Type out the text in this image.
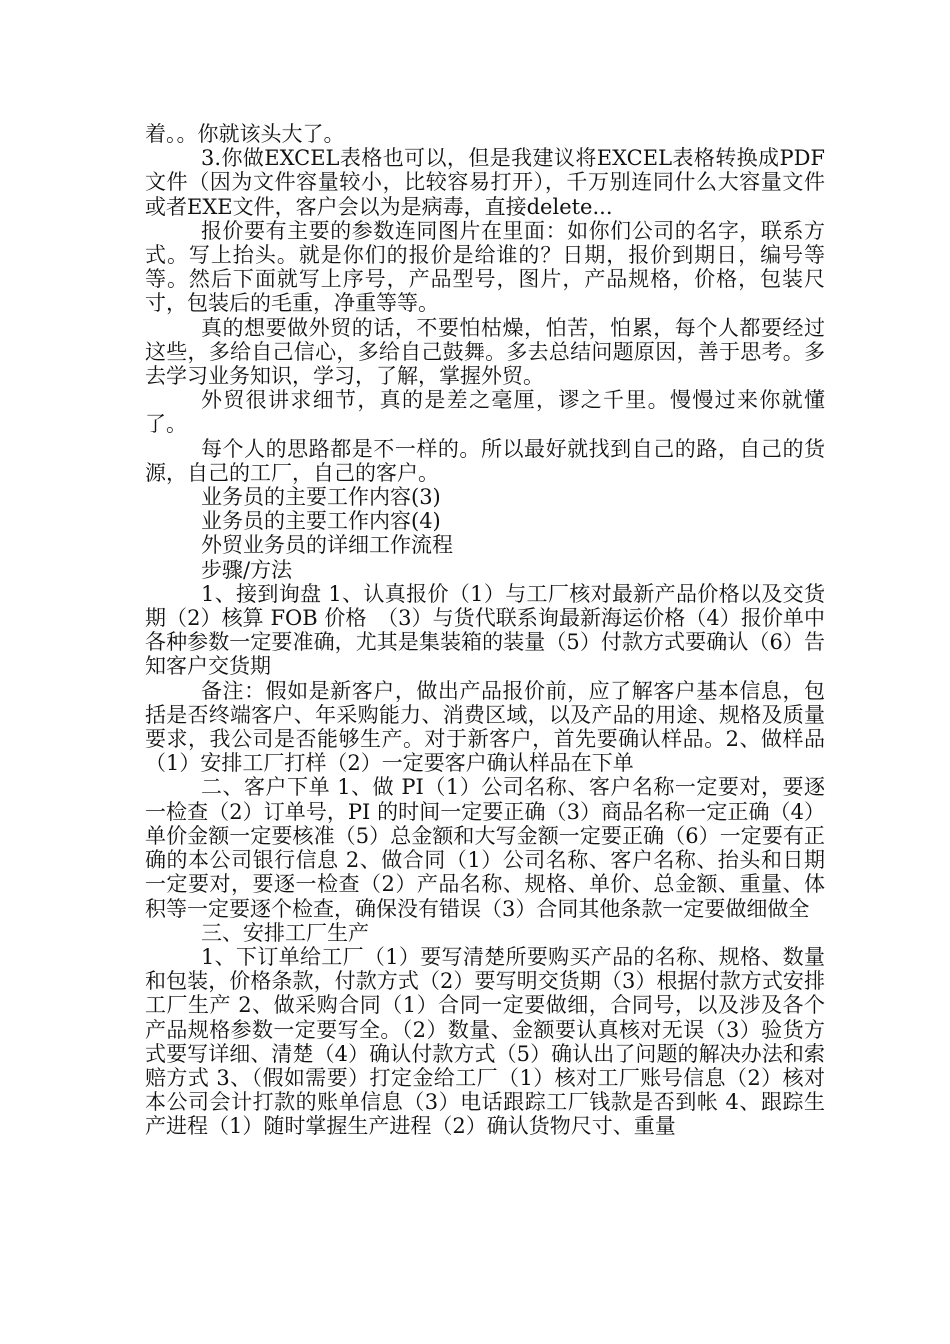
着。。你就该头大了。

3.你做EXCEL表格也可以，但是我建议将EXCEL表格转换成PDF文件（因为文件容量较小，比较容易打开），千万别连同什么大容量文件或者EXE文件，客户会以为是病毒，直接delete...

报价要有主要的参数连同图片在里面：如你们公司的名字，联系方式。写上抬头。就是你们的报价是给谁的？日期，报价到期日，编号等等。然后下面就写上序号，产品型号，图片，产品规格，价格，包装尺寸，包装后的毛重，净重等等。

真的想要做外贸的话，不要怕枯燥，怕苦，怕累，每个人都要经过这些，多给自己信心，多给自己鼓舞。多去总结问题原因，善于思考。多去学习业务知识，学习，了解，掌握外贸。

外贸很讲求细节，真的是差之毫厘，谬之千里。慢慢过来你就懂了。

每个人的思路都是不一样的。所以最好就找到自己的路，自己的货源，自己的工厂，自己的客户。

业务员的主要工作内容(3)

业务员的主要工作内容(4)

外贸业务员的详细工作流程

步骤/方法

1、接到询盘 1、认真报价（1）与工厂核对最新产品价格以及交货期（2）核算 FOB 价格　（3）与货代联系询最新海运价格（4）报价单中各种参数一定要准确，尤其是集装箱的装量（5）付款方式要确认（6）告知客户交货期

备注：假如是新客户，做出产品报价前，应了解客户基本信息，包括是否终端客户、年采购能力、消费区域，以及产品的用途、规格及质量要求，我公司是否能够生产。对于新客户，首先要确认样品。2、做样品（1）安排工厂打样（2）一定要客户确认样品在下单

二、客户下单 1、做 PI（1）公司名称、客户名称一定要对，要逐一检查（2）订单号，PI 的时间一定要正确（3）商品名称一定正确（4）单价金额一定要核准（5）总金额和大写金额一定要正确（6）一定要有正确的本公司银行信息 2、做合同（1）公司名称、客户名称、抬头和日期一定要对，要逐一检查（2）产品名称、规格、单价、总金额、重量、体积等一定要逐个检查，确保没有错误（3）合同其他条款一定要做细做全

三、安排工厂生产

1、下订单给工厂（1）要写清楚所要购买产品的名称、规格、数量和包装，价格条款，付款方式（2）要写明交货期（3）根据付款方式安排工厂生产 2、做采购合同（1）合同一定要做细，合同号，以及涉及各个产品规格参数一定要写全。（2）数量、金额要认真核对无误（3）验货方式要写详细、清楚（4）确认付款方式（5）确认出了问题的解决办法和索赔方式 3、（假如需要）打定金给工厂（1）核对工厂账号信息（2）核对本公司会计打款的账单信息（3）电话跟踪工厂钱款是否到帐 4、跟踪生产进程（1）随时掌握生产进程（2）确认货物尺寸、重量
